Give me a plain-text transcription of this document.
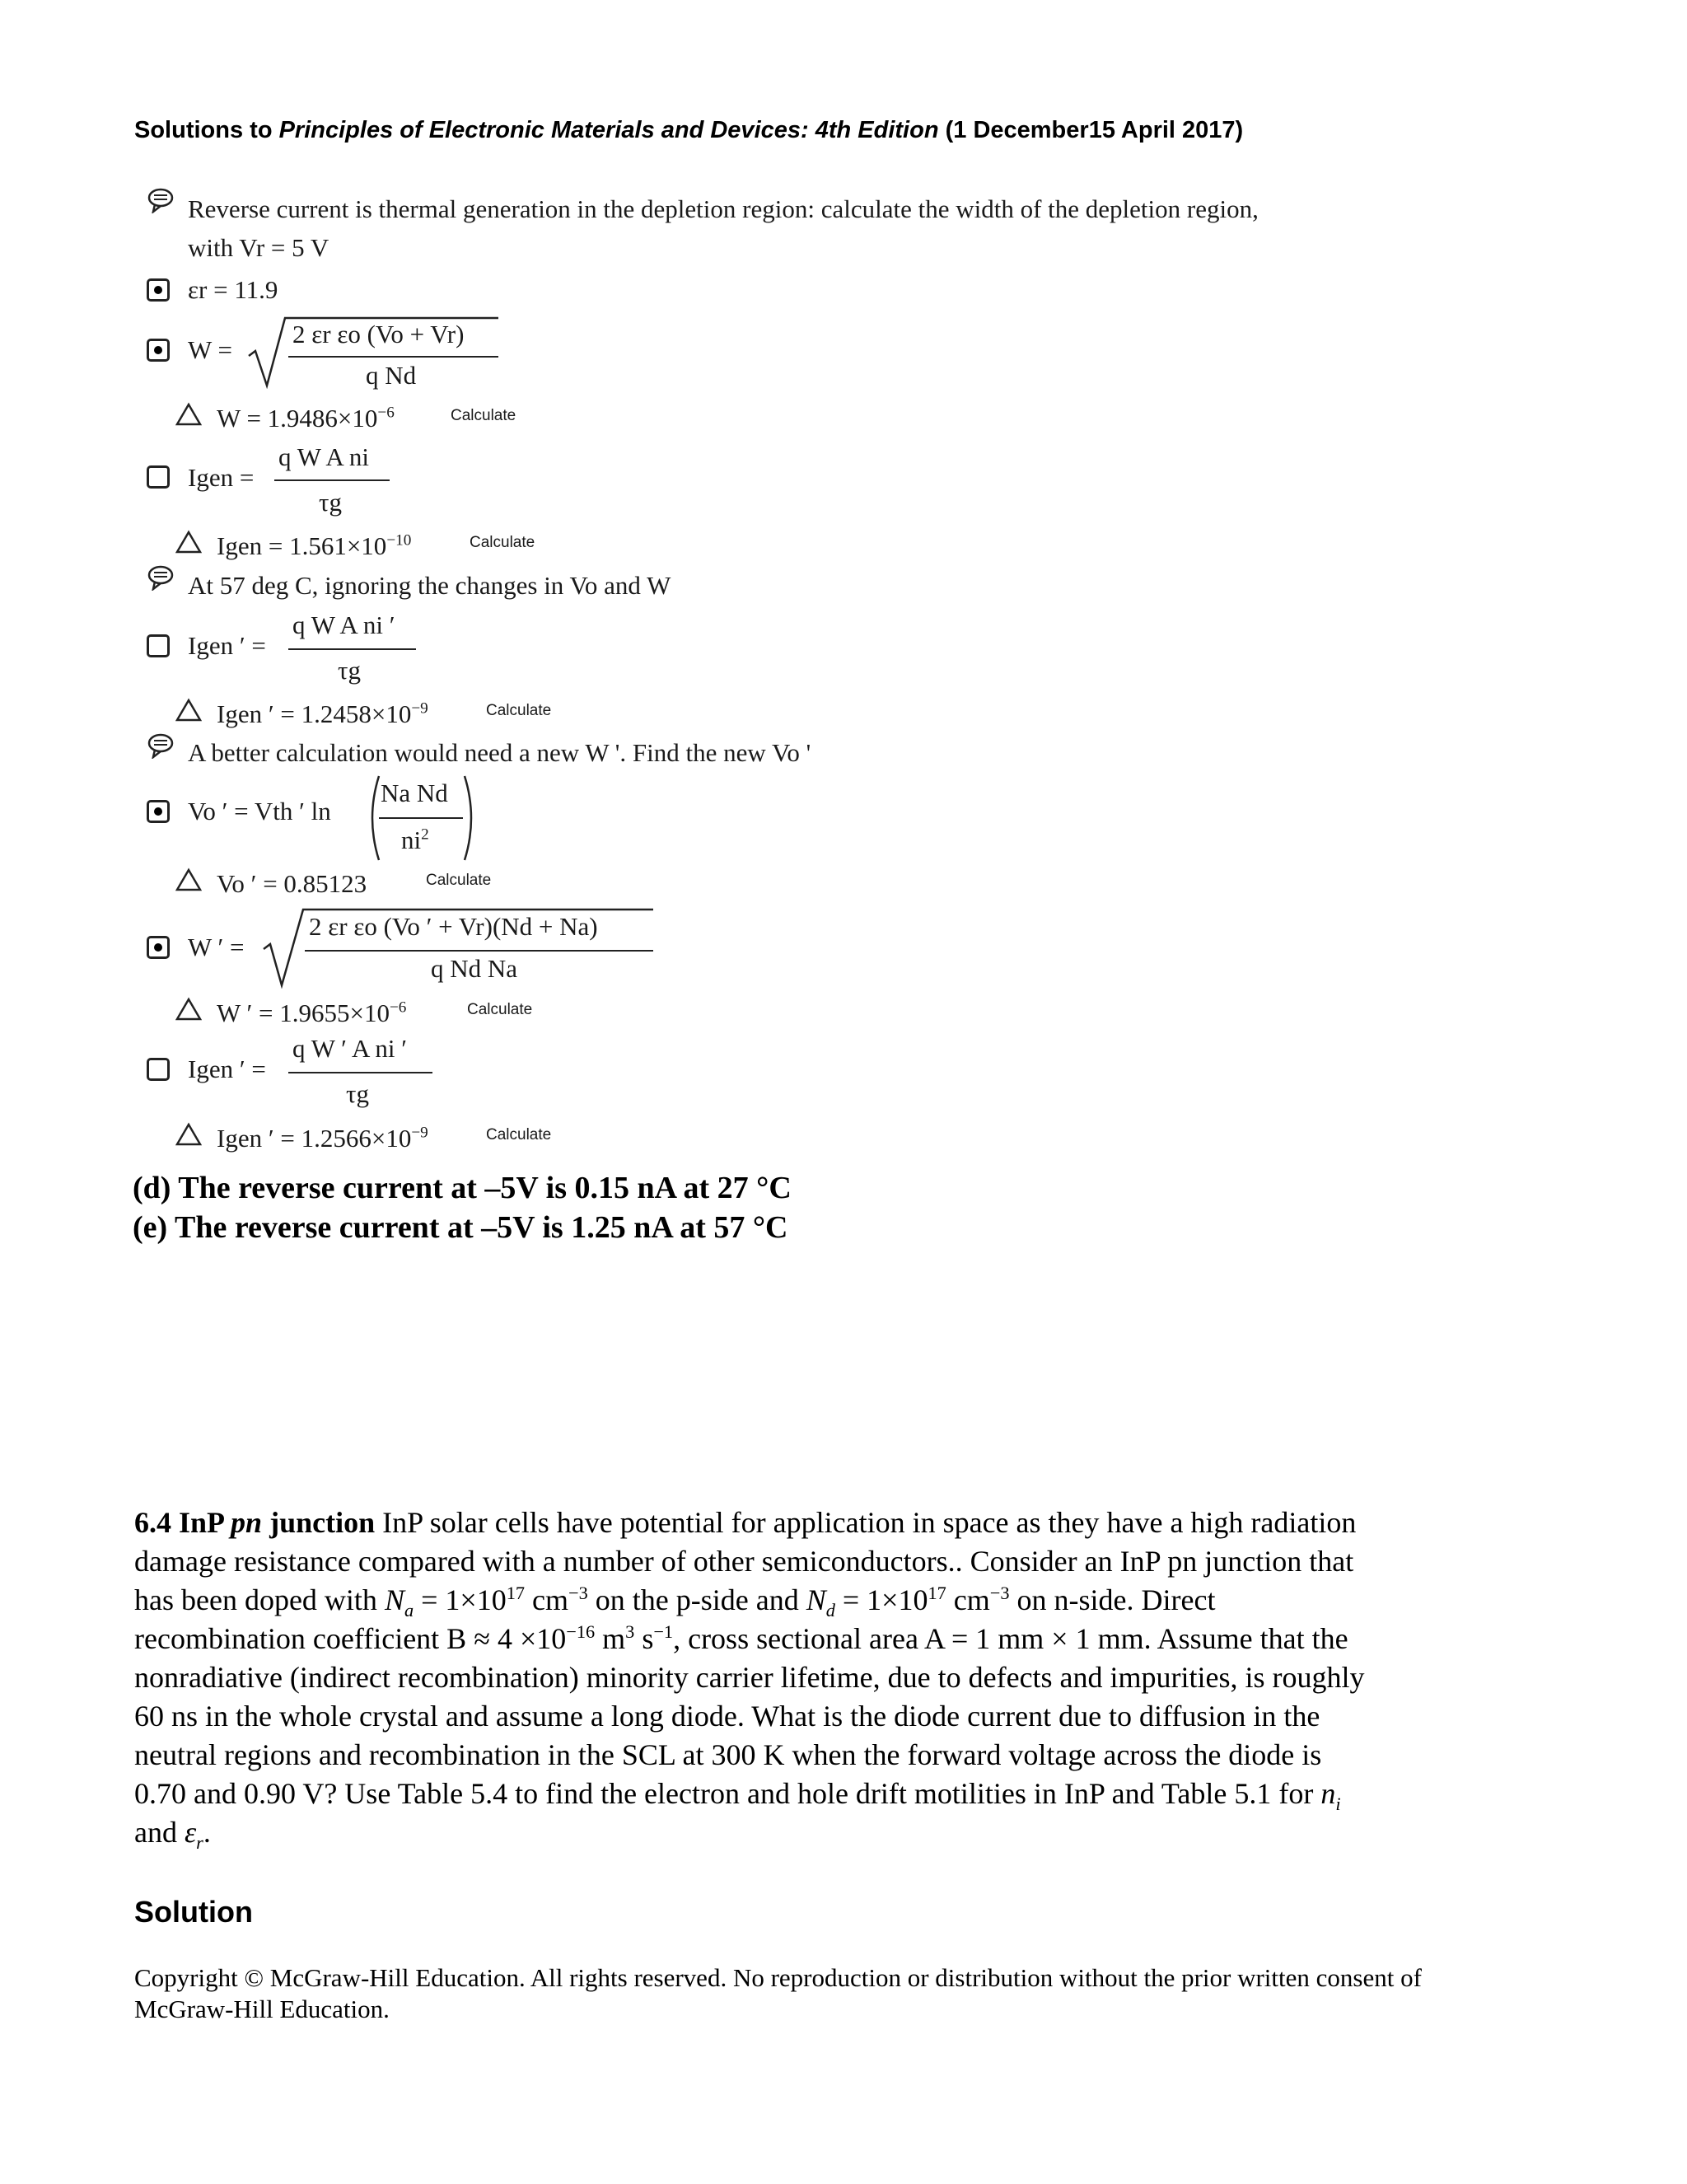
Solutions to Principles of Electronic Materials and Devices: 4th Edition (1 December15 April 2017)
Reverse current is thermal generation in the depletion region: calculate the width of the depletion region,
with Vr = 5 V
εr = 11.9
W =
2 εr εo (Vo + Vr)
q Nd
$W = 1.9486\times 10^{-6}$	Calculate
Igen =
q W A ni
τg
Igen = $1.561\times 10^{-10}$	Calculate
At 57 deg C, ignoring the changes in Vo and W
Igen ′ =
q W A ni ′
τg
Igen ′ = $1.2458\times 10^{-9}$	Calculate
A better calculation would need a new W '. Find the new Vo '
Vo ′ = Vth ′ ln
Na Nd
$ni^2$
Vo ′ = 0.85123	Calculate
W ′ =
2 εr εo (Vo ′ + Vr)(Nd + Na)
q Nd Na
W ′ = $1.9655\times 10^{-6}$	Calculate
Igen ′ =
q W ′ A ni ′
τg
Igen ′ = $1.2566\times 10^{-9}$	Calculate
(d) The reverse current at –5V is 0.15 nA at 27 °C
(e) The reverse current at –5V is 1.25 nA at 57 °C
6.4 InP pn junction InP solar cells have potential for application in space as they have a high radiation
damage resistance compared with a number of other semiconductors.. Consider an InP pn junction that
has been doped with $N_a = 1\times 10^{17}$ $cm^{-3}$ on the p-side and $N_d = 1\times 10^{17}$ $cm^{-3}$ on n-side. Direct
recombination coefficient $B \approx 4 \times 10^{-16}$ $m^3$ $s^{-1}$, cross sectional area A = 1 mm × 1 mm. Assume that the
nonradiative (indirect recombination) minority carrier lifetime, due to defects and impurities, is roughly
60 ns in the whole crystal and assume a long diode. What is the diode current due to diffusion in the
neutral regions and recombination in the SCL at 300 K when the forward voltage across the diode is
0.70 and 0.90 V? Use Table 5.4 to find the electron and hole drift motilities in InP and Table 5.1 for $n_i$
and $\varepsilon_r$.
Solution
Copyright © McGraw-Hill Education. All rights reserved. No reproduction or distribution without the prior written consent of
McGraw-Hill Education.
